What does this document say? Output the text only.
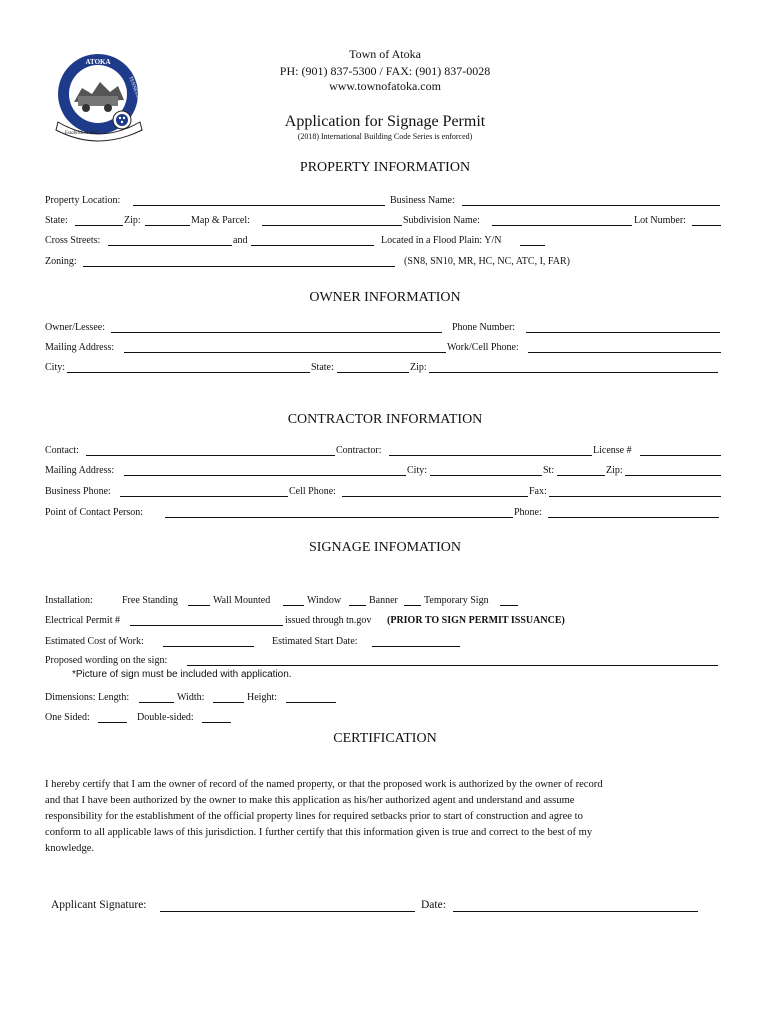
ATOKA
TENNESSEE
Established 1872
Town of Atoka
PH: (901) 837-5300 / FAX: (901) 837-0028
www.townofatoka.com
Application for Signage Permit
(2018) International Building Code Series is enforced)
PROPERTY INFORMATION
Property Location:	Business Name:
State:	Zip:	Map & Parcel:	Subdivision Name:	Lot Number:
Cross Streets:	and	Located in a Flood Plain: Y/N
Zoning:	(SN8, SN10, MR, HC, NC, ATC, I, FAR)
OWNER INFORMATION
Owner/Lessee:	Phone Number:
Mailing Address:	Work/Cell Phone:
City:	State:	Zip:
CONTRACTOR INFORMATION
Contact:	Contractor:	License #
Mailing Address:	City:	St:	Zip:
Business Phone:	Cell Phone:	Fax:
Point of Contact Person:	Phone:
SIGNAGE INFOMATION
Installation:	Free Standing	Wall Mounted	Window	Banner	Temporary Sign
Electrical Permit #	issued through tn.gov (PRIOR TO SIGN PERMIT ISSUANCE)
Estimated Cost of Work:	Estimated Start Date:
Proposed wording on the sign:
*Picture of sign must be included with application.
Dimensions: Length:	Width:	Height:
One Sided:	Double-sided:
CERTIFICATION

I hereby certify that I am the owner of record of the named property, or that the proposed work is authorized by the owner of record

and that I have been authorized by the owner to make this application as his/her authorized agent and understand and assume

responsibility for the establishment of the official property lines for required setbacks prior to start of construction and agree to

conform to all applicable laws of this jurisdiction. I further certify that this information given is true and correct to the best of my

knowledge.

Applicant Signature:	Date:
